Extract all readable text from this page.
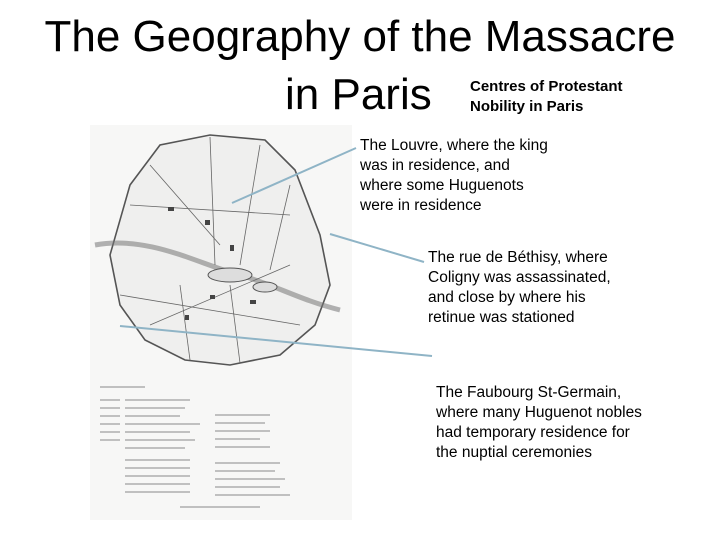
The Geography of the Massacre
in Paris	Centres of Protestant
Nobility in Paris
The Louvre, where the king
was in residence, and
where some Huguenots
were in residence
The rue de Béthisy, where
Coligny was assassinated,
and close by where his
retinue was stationed
The Faubourg St-Germain,
where many Huguenot nobles
had temporary residence for
the nuptial ceremonies
